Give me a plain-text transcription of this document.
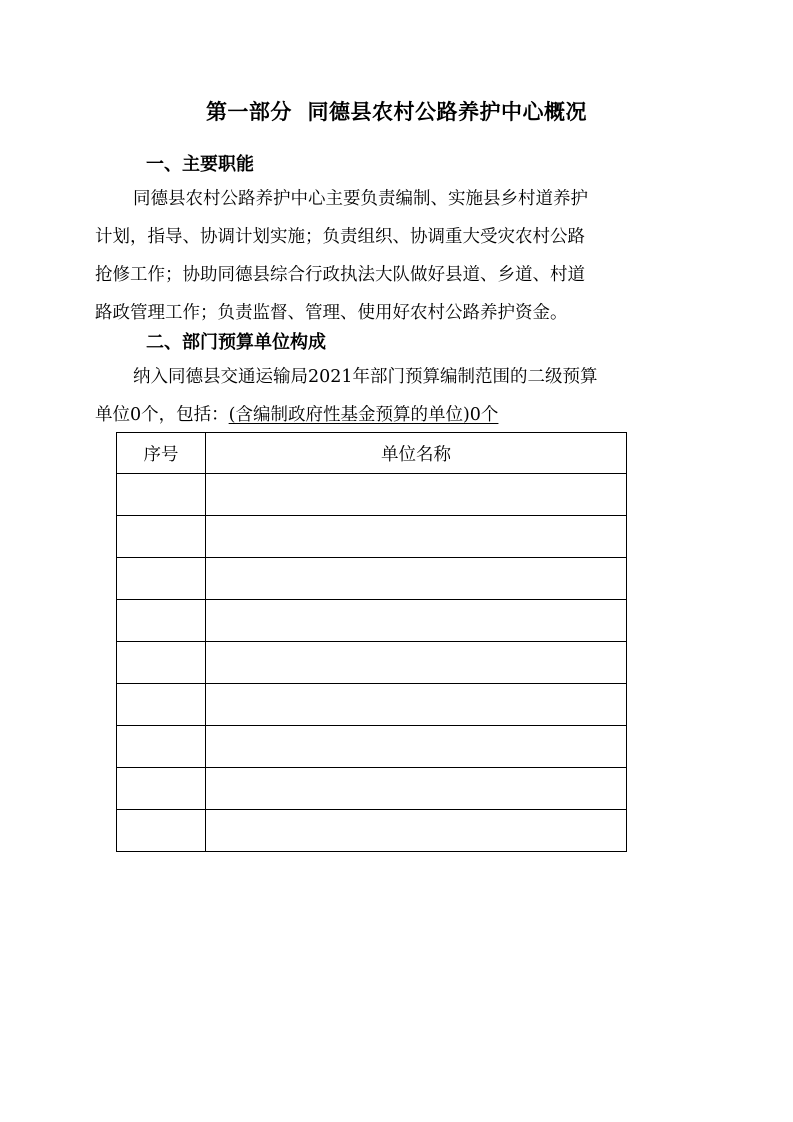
第一部分  同德县农村公路养护中心概况
一、主要职能
同德县农村公路养护中心主要负责编制、实施县乡村道养护
计划，指导、协调计划实施；负责组织、协调重大受灾农村公路
抢修工作；协助同德县综合行政执法大队做好县道、乡道、村道
路政管理工作；负责监督、管理、使用好农村公路养护资金。
二、部门预算单位构成
纳入同德县交通运输局2021年部门预算编制范围的二级预算
单位0个，包括：(含编制政府性基金预算的单位)0个
序号	单位名称
